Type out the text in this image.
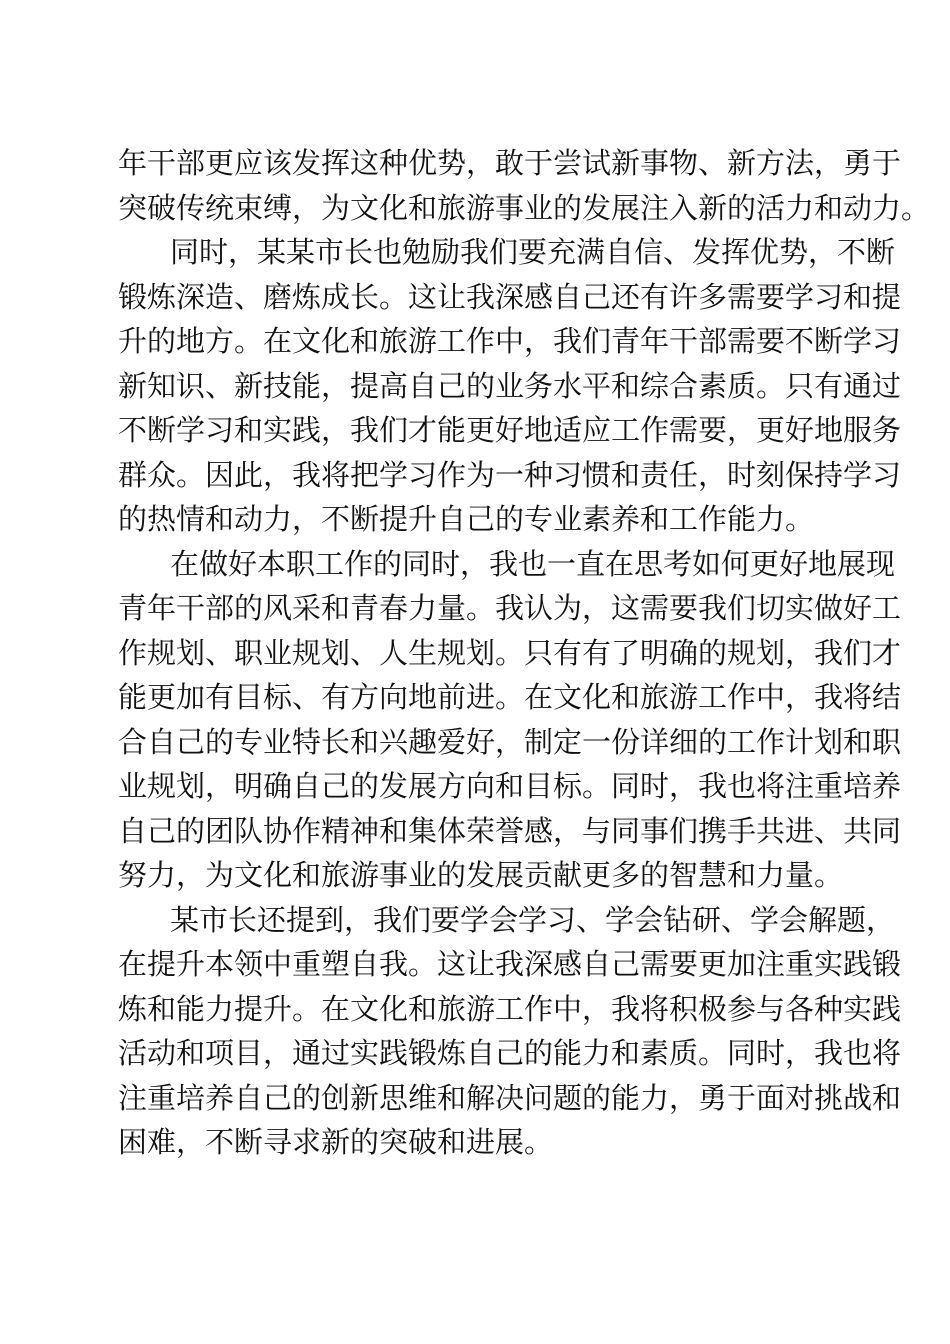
年干部更应该发挥这种优势，敢于尝试新事物、新方法，勇于
突破传统束缚，为文化和旅游事业的发展注入新的活力和动力。
同时，某某市长也勉励我们要充满自信、发挥优势，不断
锻炼深造、磨炼成长。这让我深感自己还有许多需要学习和提
升的地方。在文化和旅游工作中，我们青年干部需要不断学习
新知识、新技能，提高自己的业务水平和综合素质。只有通过
不断学习和实践，我们才能更好地适应工作需要，更好地服务
群众。因此，我将把学习作为一种习惯和责任，时刻保持学习
的热情和动力，不断提升自己的专业素养和工作能力。
在做好本职工作的同时，我也一直在思考如何更好地展现
青年干部的风采和青春力量。我认为，这需要我们切实做好工
作规划、职业规划、人生规划。只有有了明确的规划，我们才
能更加有目标、有方向地前进。在文化和旅游工作中，我将结
合自己的专业特长和兴趣爱好，制定一份详细的工作计划和职
业规划，明确自己的发展方向和目标。同时，我也将注重培养
自己的团队协作精神和集体荣誉感，与同事们携手共进、共同
努力，为文化和旅游事业的发展贡献更多的智慧和力量。
某市长还提到，我们要学会学习、学会钻研、学会解题，
在提升本领中重塑自我。这让我深感自己需要更加注重实践锻
炼和能力提升。在文化和旅游工作中，我将积极参与各种实践
活动和项目，通过实践锻炼自己的能力和素质。同时，我也将
注重培养自己的创新思维和解决问题的能力，勇于面对挑战和
困难，不断寻求新的突破和进展。
